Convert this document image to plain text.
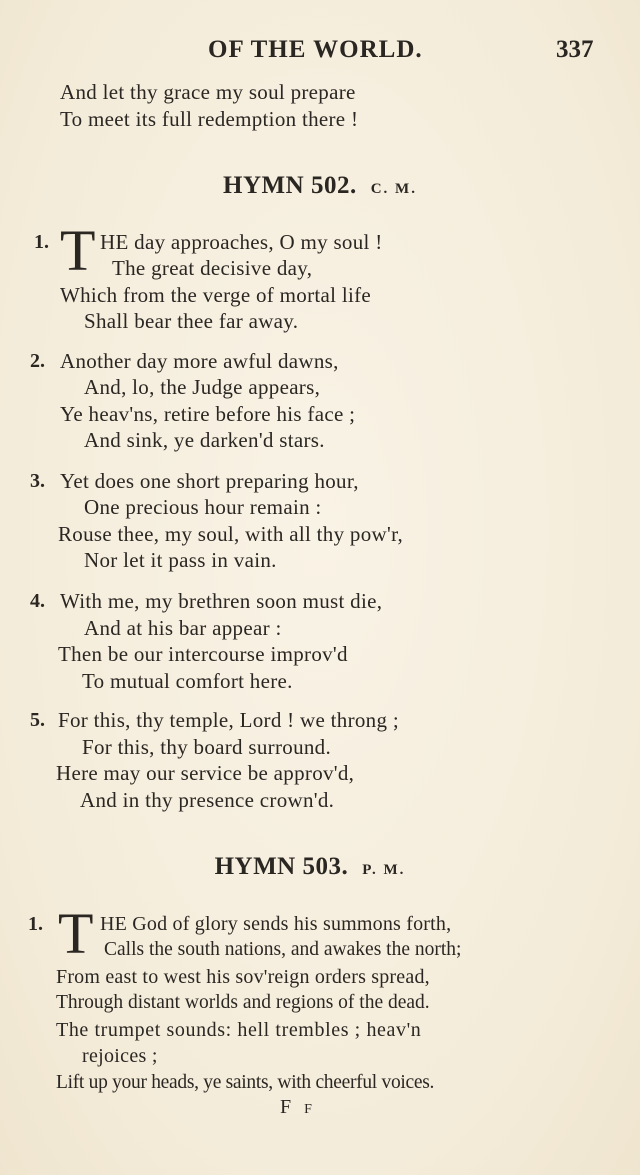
OF THE WORLD.	337
And let thy grace my soul prepare
To meet its full redemption there !
HYMN 502. C. M.
1. T HE day approaches, O my soul !
The great decisive day,
Which from the verge of mortal life
Shall bear thee far away.
2. Another day more awful dawns,
And, lo, the Judge appears,
Ye heav'ns, retire before his face ;
And sink, ye darken'd stars.
3. Yet does one short preparing hour,
One precious hour remain :
Rouse thee, my soul, with all thy pow'r,
Nor let it pass in vain.
4. With me, my brethren soon must die,
And at his bar appear :
Then be our intercourse improv'd
To mutual comfort here.
5. For this, thy temple, Lord ! we throng ;
For this, thy board surround.
Here may our service be approv'd,
And in thy presence crown'd.
HYMN 503. P. M.
1. T HE God of glory sends his summons forth,
Calls the south nations, and awakes the north;
From east to west his sov'reign orders spread,
Through distant worlds and regions of the dead.
The trumpet sounds: hell trembles ; heav'n
rejoices ;
Lift up your heads, ye saints, with cheerful voices.
F F
